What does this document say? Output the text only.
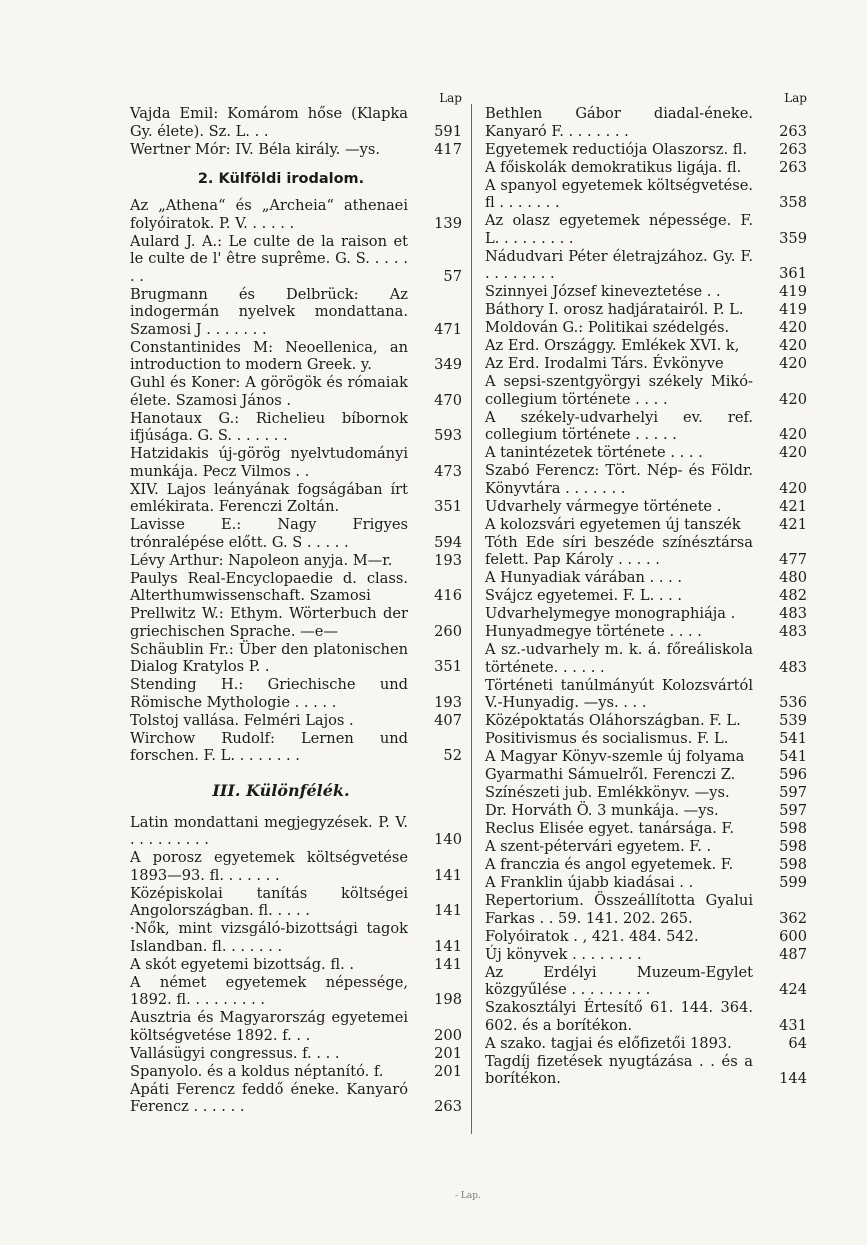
Lap
Vajda Emil: Komárom hőse (Klapka Gy. élete). Sz. L. . .	591
Wertner Mór: IV. Béla király. —ys.	417
2. Külföldi irodalom.
Az „Athena“ és „Archeia“ athenaei folyóiratok. P. V. . . . . .	139
Aulard J. A.: Le culte de la raison et le culte de l' être suprême. G. S. . . . . . .	57
Brugmann és Delbrück: Az indogermán nyelvek mondattana. Szamosi J . . . . . . .	471
Constantinides M: Neoellenica, an introduction to modern Greek. y.	349
Guhl és Koner: A görögök és rómaiak élete. Szamosi János .	470
Hanotaux G.: Richelieu bíbornok ifjúsága. G. S. . . . . . .	593
Hatzidakis új-görög nyelvtudományi munkája. Pecz Vilmos . .	473
XIV. Lajos leányának fogságában írt emlékirata. Ferenczi Zoltán.	351
Lavisse E.: Nagy Frigyes trónralépése előtt. G. S . . . . .	594
Lévy Arthur: Napoleon anyja. M—r.	193
Paulys Real-Encyclopaedie d. class. Alterthumwissenschaft. Szamosi	416
Prellwitz W.: Ethym. Wörterbuch der griechischen Sprache. —e—	260
Schäublin Fr.: Über den platonischen Dialog Kratylos P. .	351
Stending H.: Griechische und Römische Mythologie . . . . .	193
Tolstoj vallása. Felméri Lajos .	407
Wirchow Rudolf: Lernen und forschen. F. L. . . . . . . .	52
III. Különfélék.
Latin mondattani megjegyzések. P. V. . . . . . . . . .	140
A porosz egyetemek költségvetése 1893—93. fl. . . . . . .	141
Középiskolai tanítás költségei Angolországban. fl. . . . .	141
·Nők, mint vizsgáló-bizottsági tagok Islandban. fl. . . . . . .	141
A skót egyetemi bizottság. fl. .	141
A német egyetemek népessége, 1892. fl. . . . . . . . .	198
Ausztria és Magyarország egyetemei költségvetése 1892. f. . .	200
Vallásügyi congressus. f. . . .	201
Spanyolo. és a koldus néptanító. f.	201
Apáti Ferencz feddő éneke. Kanyaró Ferencz . . . . . .	263
Lap
Bethlen Gábor diadal-éneke. Kanyaró F. . . . . . . .	263
Egyetemek reductiója Olaszorsz. fl.	263
A főiskolák demokratikus ligája. fl.	263
A spanyol egyetemek költségvetése. fl . . . . . . .	358
Az olasz egyetemek népessége. F. L. . . . . . . . .	359
Nádudvari Péter életrajzához. Gy. F. . . . . . . . .	361
Szinnyei József kineveztetése . .	419
Báthory I. orosz hadjáratairól. P. L.	419
Moldován G.: Politikai szédelgés.	420
Az Erd. Országgy. Emlékek XVI. k,	420
Az Erd. Irodalmi Társ. Évkönyve	420
A sepsi-szentgyörgyi székely Mikó-collegium története . . . .	420
A székely-udvarhelyi ev. ref. collegium története . . . . .	420
A tanintézetek története . . . .	420
Szabó Ferencz: Tört. Nép- és Földr. Könyvtára . . . . . . .	420
Udvarhely vármegye története .	421
A kolozsvári egyetemen új tanszék	421
Tóth Ede síri beszéde színésztársa felett. Pap Károly . . . . .	477
A Hunyadiak várában . . . .	480
Svájcz egyetemei. F. L. . . .	482
Udvarhelymegye monographiája .	483
Hunyadmegye története . . . .	483
A sz.-udvarhely m. k. á. főreáliskola története. . . . . .	483
Történeti tanúlmányút Kolozsvártól V.-Hunyadig. —ys. . . .	536
Középoktatás Oláhországban. F. L.	539
Positivismus és socialismus. F. L.	541
A Magyar Könyv-szemle új folyama	541
Gyarmathi Sámuelről. Ferenczi Z.	596
Színészeti jub. Emlékkönyv. —ys.	597
Dr. Horváth Ö. 3 munkája. —ys.	597
Reclus Elisée egyet. tanársága. F.	598
A szent-pétervári egyetem. F. .	598
A franczia és angol egyetemek. F.	598
A Franklin újabb kiadásai . .	599
Repertorium. Összeállította Gyalui Farkas . . 59. 141. 202. 265.	362
Folyóiratok . , 421. 484. 542.	600
Új könyvek . . . . . . . .	487
Az Erdélyi Muzeum-Egylet közgyűlése . . . . . . . . .	424
Szakosztályi Értesítő 61. 144. 364. 602. és a borítékon.	431
A szako. tagjai és előfizetői 1893.	64
Tagdíj fizetések nyugtázása . . és a borítékon.	144
- Lap.
